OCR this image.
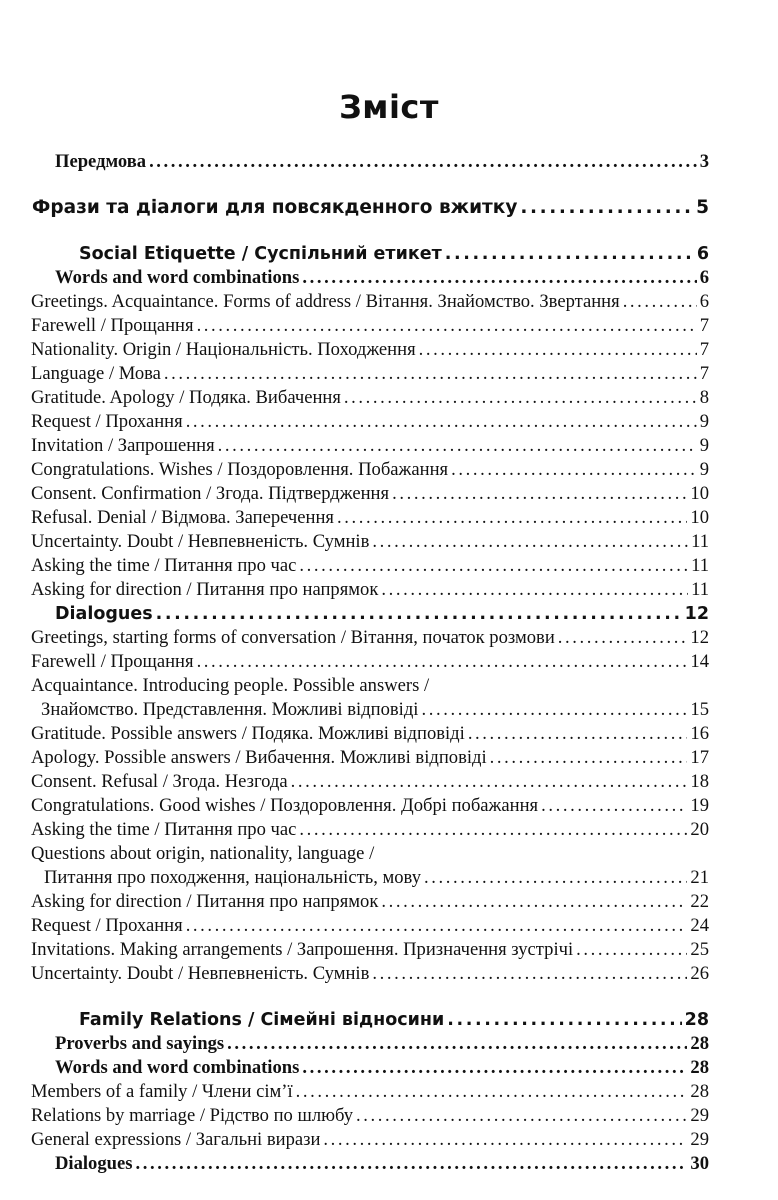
Зміст
Передмова .....	3
Фрази та діалоги для повсякденного вжитку .....	5
Social Etiquette / Суспільний етикет .....	6
Words and word combinations .....	6
Greetings. Acquaintance. Forms of address / Вітання. Знайомство. Звертання .....	6
Farewell / Прощання .....	7
Nationality. Origin / Національність. Походження .....	7
Language / Мова .....	7
Gratitude. Apology / Подяка. Вибачення .....	8
Request / Прохання .....	9
Invitation / Запрошення .....	9
Congratulations. Wishes / Поздоровлення. Побажання .....	9
Consent. Confirmation / Згода. Підтвердження .....	10
Refusal. Denial / Відмова. Заперечення .....	10
Uncertainty. Doubt / Невпевненість. Сумнів .....	11
Asking the time / Питання про час .....	11
Asking for direction / Питання про напрямок .....	11
Dialogues .....	12
Greetings, starting forms of conversation / Вітання, початок розмови .....	12
Farewell / Прощання .....	14
Acquaintance. Introducing people. Possible answers /
Знайомство. Представлення. Можливі відповіді .....	15
Gratitude. Possible answers / Подяка. Можливі відповіді .....	16
Apology. Possible answers / Вибачення. Можливі відповіді .....	17
Consent. Refusal / Згода. Незгода .....	18
Congratulations. Good wishes / Поздоровлення. Добрі побажання .....	19
Asking the time / Питання про час .....	20
Questions about origin, nationality, language /
Питання про походження, національність, мову .....	21
Asking for direction / Питання про напрямок .....	22
Request / Прохання .....	24
Invitations. Making arrangements / Запрошення. Призначення зустрічі .....	25
Uncertainty. Doubt / Невпевненість. Сумнів .....	26
Family Relations / Сімейні відносини .....	28
Proverbs and sayings .....	28
Words and word combinations .....	28
Members of a family / Члени сім’ї .....	28
Relations by marriage / Рідство по шлюбу .....	29
General expressions / Загальні вирази .....	29
Dialogues .....	30
